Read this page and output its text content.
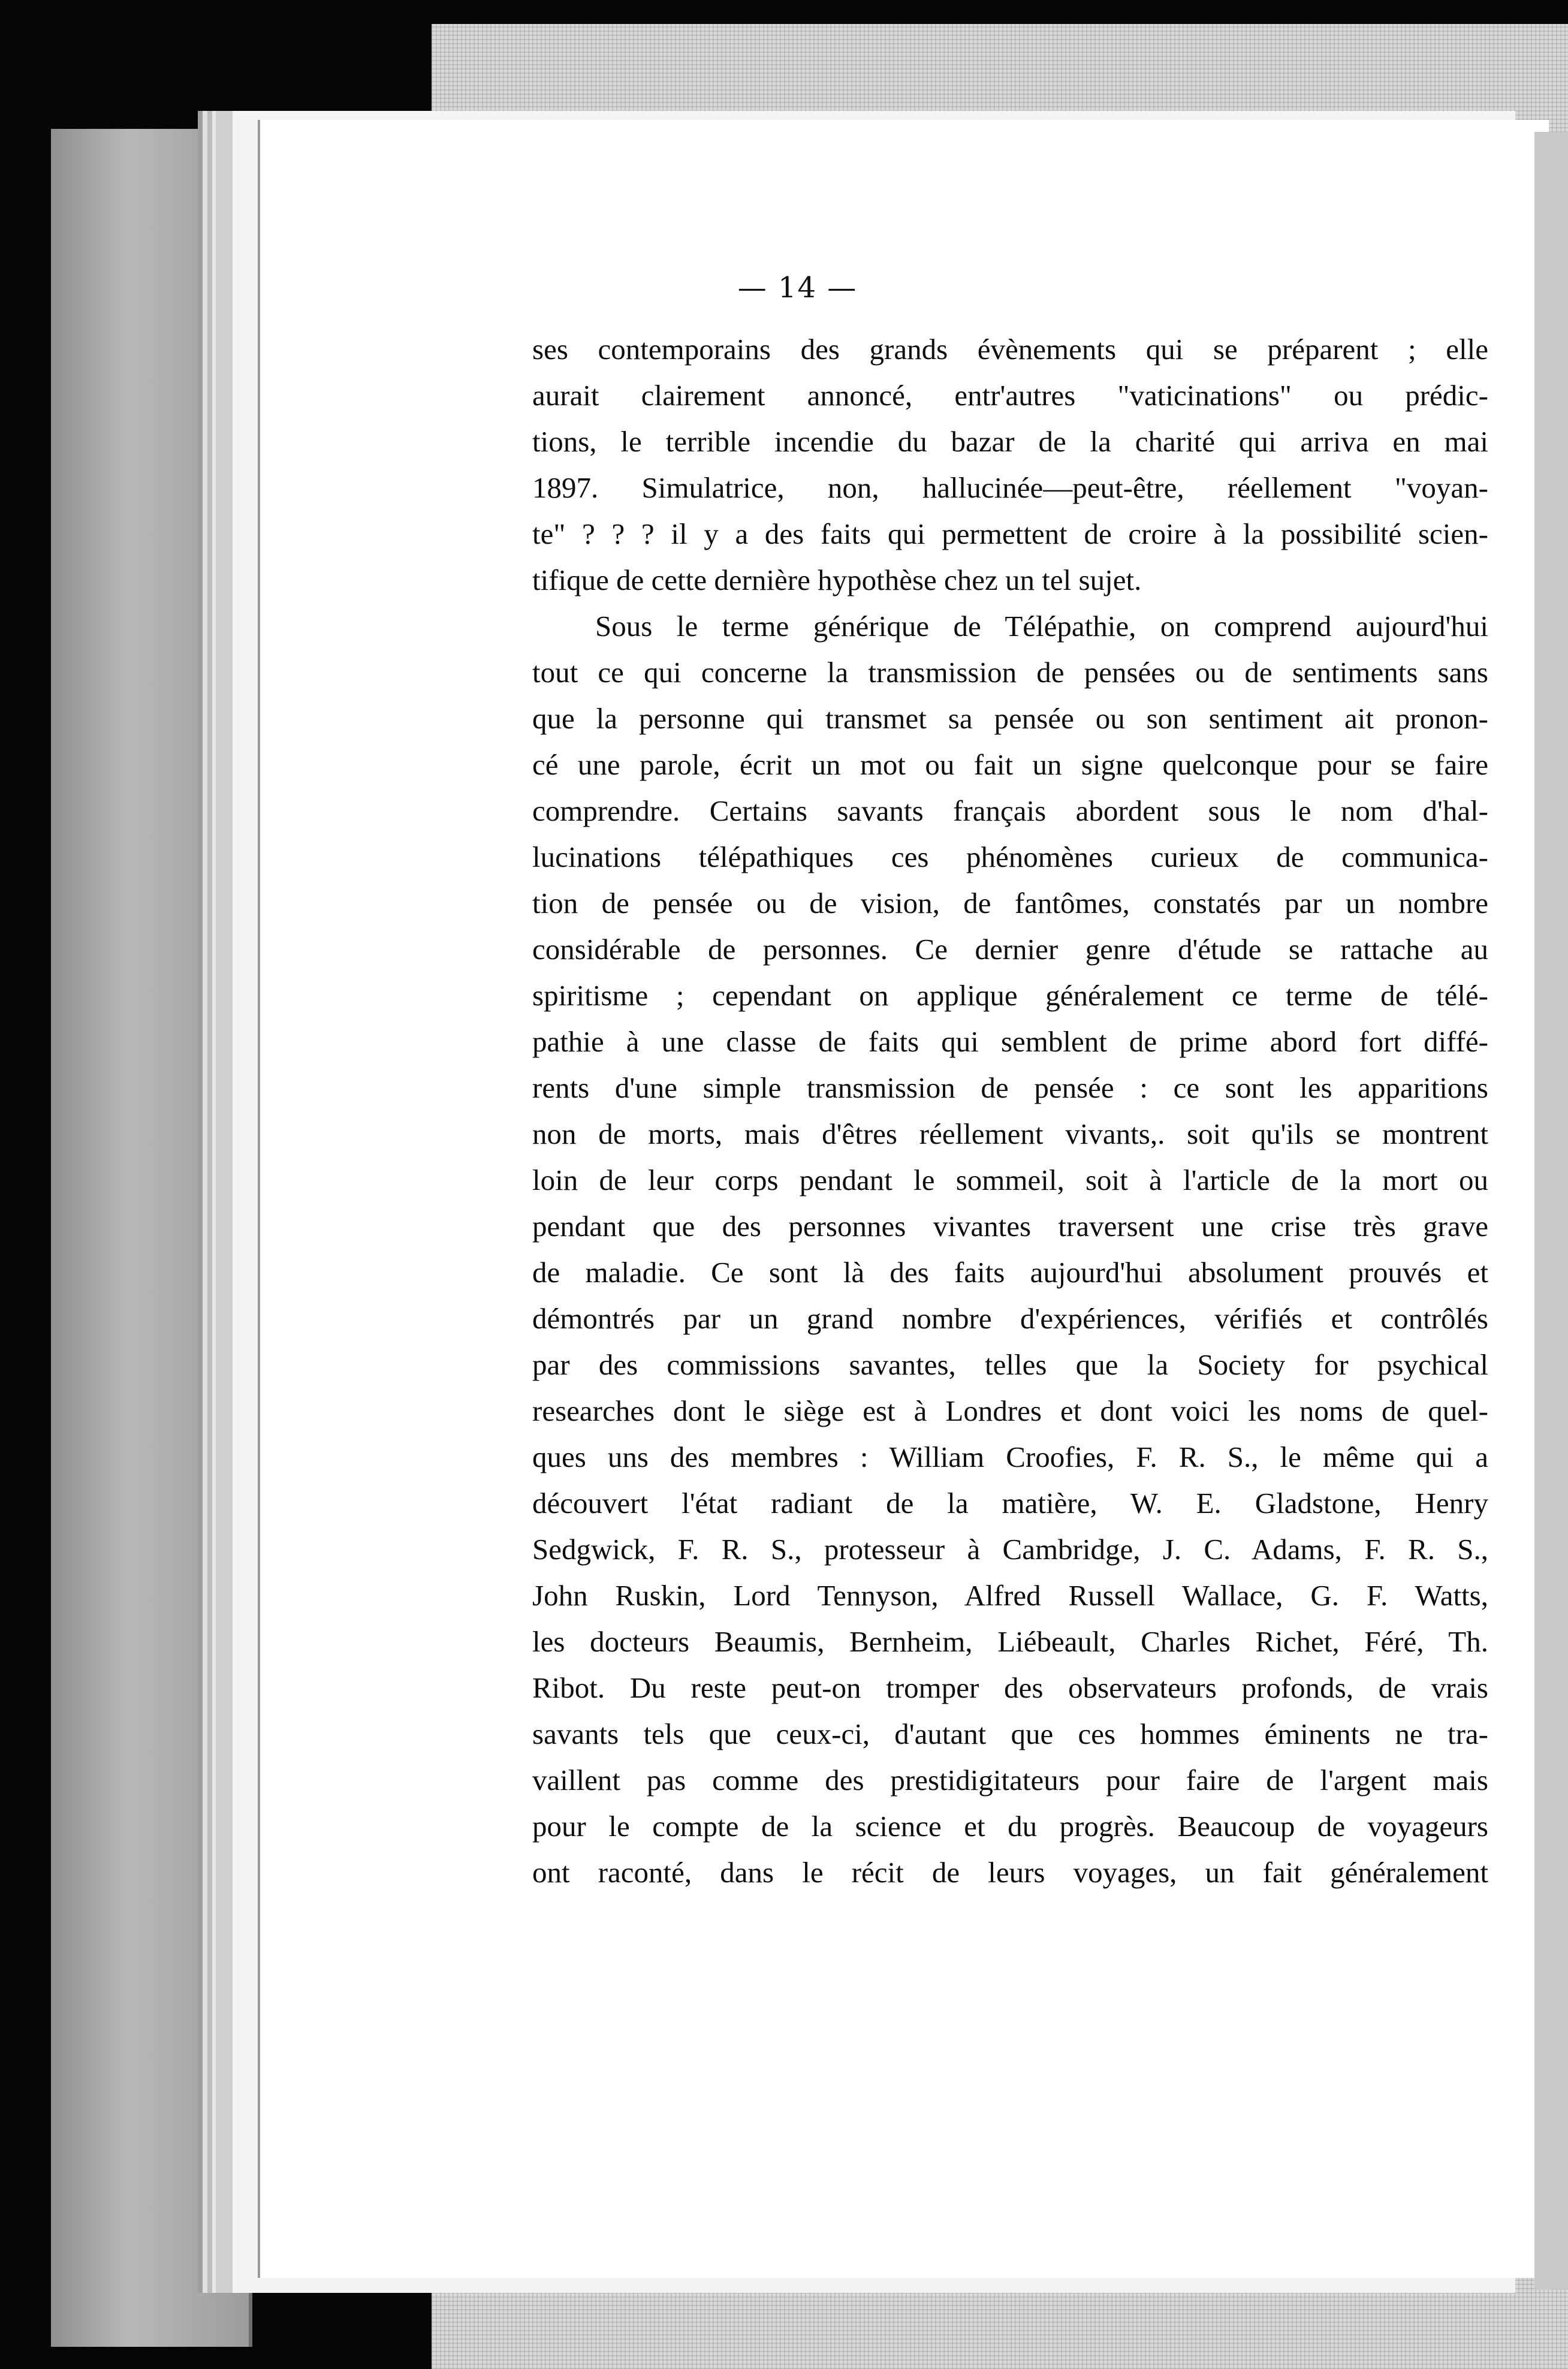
— 14 —
ses contemporains des grands évènements qui se préparent ; elle
aurait clairement annoncé, entr'autres "vaticinations" ou prédic-
tions, le terrible incendie du bazar de la charité qui arriva en mai
1897. Simulatrice, non, hallucinée—peut-être, réellement "voyan-
te" ? ? ? il y a des faits qui permettent de croire à la possibilité scien-
tifique de cette dernière hypothèse chez un tel sujet.
Sous le terme générique de Télépathie, on comprend aujourd'hui
tout ce qui concerne la transmission de pensées ou de sentiments sans
que la personne qui transmet sa pensée ou son sentiment ait pronon-
cé une parole, écrit un mot ou fait un signe quelconque pour se faire
comprendre. Certains savants français abordent sous le nom d'hal-
lucinations télépathiques ces phénomènes curieux de communica-
tion de pensée ou de vision, de fantômes, constatés par un nombre
considérable de personnes. Ce dernier genre d'étude se rattache au
spiritisme ; cependant on applique généralement ce terme de télé-
pathie à une classe de faits qui semblent de prime abord fort diffé-
rents d'une simple transmission de pensée : ce sont les apparitions
non de morts, mais d'êtres réellement vivants,. soit qu'ils se montrent
loin de leur corps pendant le sommeil, soit à l'article de la mort ou
pendant que des personnes vivantes traversent une crise très grave
de maladie. Ce sont là des faits aujourd'hui absolument prouvés et
démontrés par un grand nombre d'expériences, vérifiés et contrôlés
par des commissions savantes, telles que la Society for psychical
researches dont le siège est à Londres et dont voici les noms de quel-
ques uns des membres : William Croofies, F. R. S., le même qui a
découvert l'état radiant de la matière, W. E. Gladstone, Henry
Sedgwick, F. R. S., protesseur à Cambridge, J. C. Adams, F. R. S.,
John Ruskin, Lord Tennyson, Alfred Russell Wallace, G. F. Watts,
les docteurs Beaumis, Bernheim, Liébeault, Charles Richet, Féré, Th.
Ribot. Du reste peut-on tromper des observateurs profonds, de vrais
savants tels que ceux-ci, d'autant que ces hommes éminents ne tra-
vaillent pas comme des prestidigitateurs pour faire de l'argent mais
pour le compte de la science et du progrès. Beaucoup de voyageurs
ont raconté, dans le récit de leurs voyages, un fait généralement
